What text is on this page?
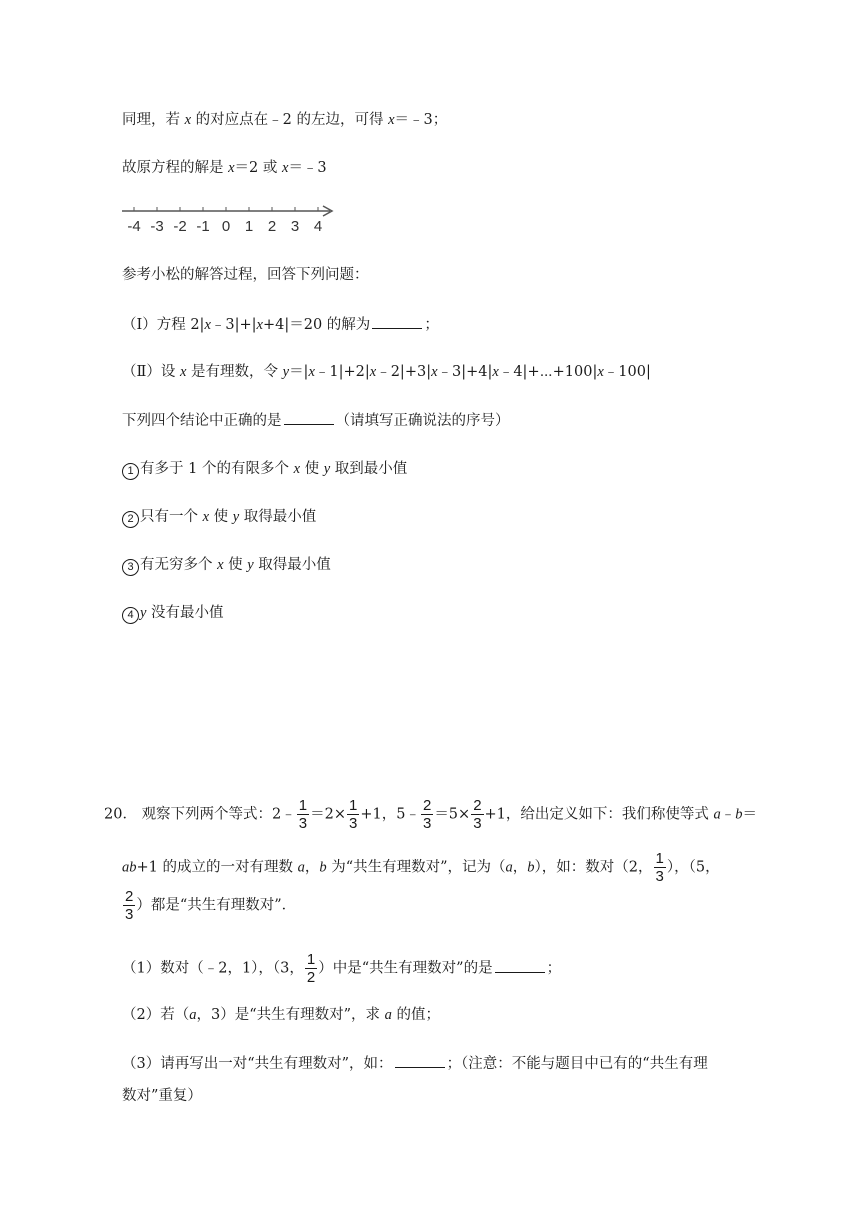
同理，若 x 的对应点在﹣2 的左边，可得 x＝﹣3；
故原方程的解是 x＝2 或 x＝﹣3
-4 -3 -2 -1 0 1 2 3 4
参考小松的解答过程，回答下列问题：
（Ⅰ）方程 2|x﹣3|+|x+4|＝20 的解为	；
（Ⅱ）设 x 是有理数，令 y＝|x﹣1|+2|x﹣2|+3|x﹣3|+4|x﹣4|+⋯+100|x﹣100|
下列四个结论中正确的是	（请填写正确说法的序号）
1 有多于 1 个的有限多个 x 使 y 取到最小值
2 只有一个 x 使 y 取得最小值
3 有无穷多个 x 使 y 取得最小值
4 y 没有最小值
20． 观察下列两个等式：2﹣ $\frac{1}{3} =2\times \frac{1}{3} +1$，5﹣ $\frac{2}{3} =5\times \frac{2}{3} +1$，给出定义如下：我们称使等式 a﹣b＝
ab+1 的成立的一对有理数 a，b 为“共生有理数对”，记为（a，b），如：数对（2， $\frac{1}{3}$ ），（5，
$\frac{2}{3}$ ）都是“共生有理数对”．
（1）数对（﹣2，1），（3， $\frac{1}{2}$ ）中是“共生有理数对”的是	；
（2）若（a，3）是“共生有理数对”，求 a 的值；
（3）请再写出一对“共生有理数对”，如：	；（注意：不能与题目中已有的“共生有理
数对”重复）
